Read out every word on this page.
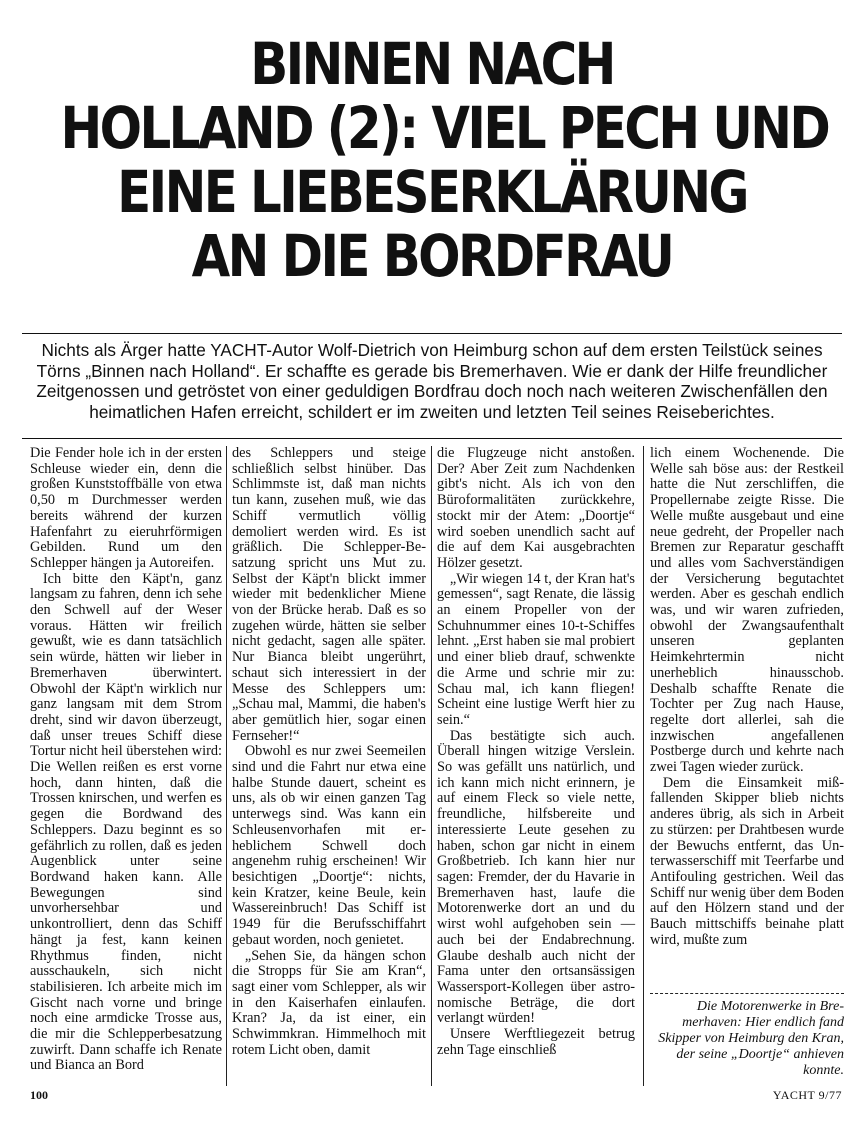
BINNEN NACH
HOLLAND (2): VIEL PECH UND
EINE LIEBESERKLÄRUNG
AN DIE BORDFRAU
Nichts als Ärger hatte YACHT-Autor Wolf-Dietrich von Heimburg schon auf dem ersten Teilstück seines Törns „Binnen nach Holland“. Er schaffte es gerade bis Bremerhaven. Wie er dank der Hilfe freundlicher Zeitgenossen und getröstet von einer geduldigen Bordfrau doch noch nach weiteren Zwischenfällen den heimatlichen Hafen erreicht, schildert er im zweiten und letzten Teil seines Reiseberichtes.

Die Fender hole ich in der ersten Schleuse wieder ein, denn die großen Kunststoffbälle von etwa 0,50 m Durchmesser werden bereits während der kurzen Hafenfahrt zu eieruhrförmigen Gebilden. Rund um den Schlepper hängen ja Autoreifen.

Ich bitte den Käpt'n, ganz langsam zu fahren, denn ich sehe den Schwell auf der Weser voraus. Hätten wir freilich gewußt, wie es dann tatsächlich sein würde, hätten wir lieber in Bremerhaven überwintert. Obwohl der Käpt'n wirklich nur ganz langsam mit dem Strom dreht, sind wir davon überzeugt, daß unser treues Schiff diese Tortur nicht heil überstehen wird: Die Wellen reißen es erst vorne hoch, dann hinten, daß die Trossen knirschen, und werfen es gegen die Bordwand des Schleppers. Dazu beginnt es so gefährlich zu rollen, daß es jeden Augenblick unter seine Bordwand haken kann. Alle Bewegungen sind unvorhersehbar und unkontrolliert, denn das Schiff hängt ja fest, kann keinen Rhythmus finden, nicht ausschaukeln, sich nicht stabilisieren. Ich arbeite mich im Gischt nach vorne und bringe noch eine armdicke Trosse aus, die mir die Schlepperbesatzung zuwirft. Dann schaffe ich Renate und Bianca an Bord

des Schleppers und steige schließlich selbst hinüber. Das Schlimmste ist, daß man nichts tun kann, zusehen muß, wie das Schiff vermutlich völlig demoliert werden wird. Es ist gräßlich. Die Schlepper-Besatzung spricht uns Mut zu. Selbst der Käpt'n blickt immer wieder mit bedenklicher Miene von der Brücke herab. Daß es so zugehen würde, hätten sie selber nicht gedacht, sagen alle später. Nur Bianca bleibt ungerührt, schaut sich interessiert in der Messe des Schleppers um: „Schau mal, Mammi, die haben's aber gemütlich hier, sogar einen Fernseher!“

Obwohl es nur zwei Seemeilen sind und die Fahrt nur etwa eine halbe Stunde dauert, scheint es uns, als ob wir einen ganzen Tag unterwegs sind. Was kann ein Schleusenvorhafen mit erheblichem Schwell doch angenehm ruhig erscheinen! Wir besichtigen „Doortje“: nichts, kein Kratzer, keine Beule, kein Wassereinbruch! Das Schiff ist 1949 für die Berufsschiffahrt gebaut worden, noch genietet.

„Sehen Sie, da hängen schon die Stropps für Sie am Kran“, sagt einer vom Schlepper, als wir in den Kaiserhafen einlaufen. Kran? Ja, da ist einer, ein Schwimmkran. Himmelhoch mit rotem Licht oben, damit

die Flugzeuge nicht anstoßen. Der? Aber Zeit zum Nachdenken gibt's nicht. Als ich von den Büroformalitäten zurückkehre, stockt mir der Atem: „Doortje“ wird soeben unendlich sacht auf die auf dem Kai ausgebrachten Hölzer gesetzt.

„Wir wiegen 14 t, der Kran hat's gemessen“, sagt Renate, die lässig an einem Propeller von der Schuhnummer eines 10-t-Schiffes lehnt. „Erst haben sie mal probiert und einer blieb drauf, schwenkte die Arme und schrie mir zu: Schau mal, ich kann fliegen! Scheint eine lustige Werft hier zu sein.“

Das bestätigte sich auch. Überall hingen witzige Verslein. So was gefällt uns natürlich, und ich kann mich nicht erinnern, je auf einem Fleck so viele nette, freundliche, hilfsbereite und interessierte Leute gesehen zu haben, schon gar nicht in einem Großbetrieb. Ich kann hier nur sagen: Fremder, der du Havarie in Bremerhaven hast, laufe die Motorenwerke dort an und du wirst wohl aufgehoben sein — auch bei der Endabrechnung. Glaube deshalb auch nicht der Fama unter den ortsansässigen Wassersport-Kollegen über astronomische Beträge, die dort verlangt würden!

Unsere Werftliegezeit betrug zehn Tage einschließ

lich einem Wochenende. Die Welle sah böse aus: der Restkeil hatte die Nut zerschliffen, die Propellernabe zeigte Risse. Die Welle mußte ausgebaut und eine neue gedreht, der Propeller nach Bremen zur Reparatur geschafft und alles vom Sachverständigen der Versicherung begutachtet werden. Aber es geschah endlich was, und wir waren zufrieden, obwohl der Zwangsaufenthalt unseren geplanten Heimkehrtermin nicht unerheblich hinausschob. Deshalb schaffte Renate die Tochter per Zug nach Hause, regelte dort allerlei, sah die inzwischen angefallenen Postberge durch und kehrte nach zwei Tagen wieder zurück.

Dem die Einsamkeit mißfallenden Skipper blieb nichts anderes übrig, als sich in Arbeit zu stürzen: per Drahtbesen wurde der Bewuchs entfernt, das Unterwasserschiff mit Teerfarbe und Antifouling gestrichen. Weil das Schiff nur wenig über dem Boden auf den Hölzern stand und der Bauch mittschiffs beinahe platt wird, mußte zum

Die Motorenwerke in Bremerhaven: Hier endlich fand Skipper von Heimburg den Kran, der seine „Doortje“ anhieven konnte.
100	YACHT 9/77
